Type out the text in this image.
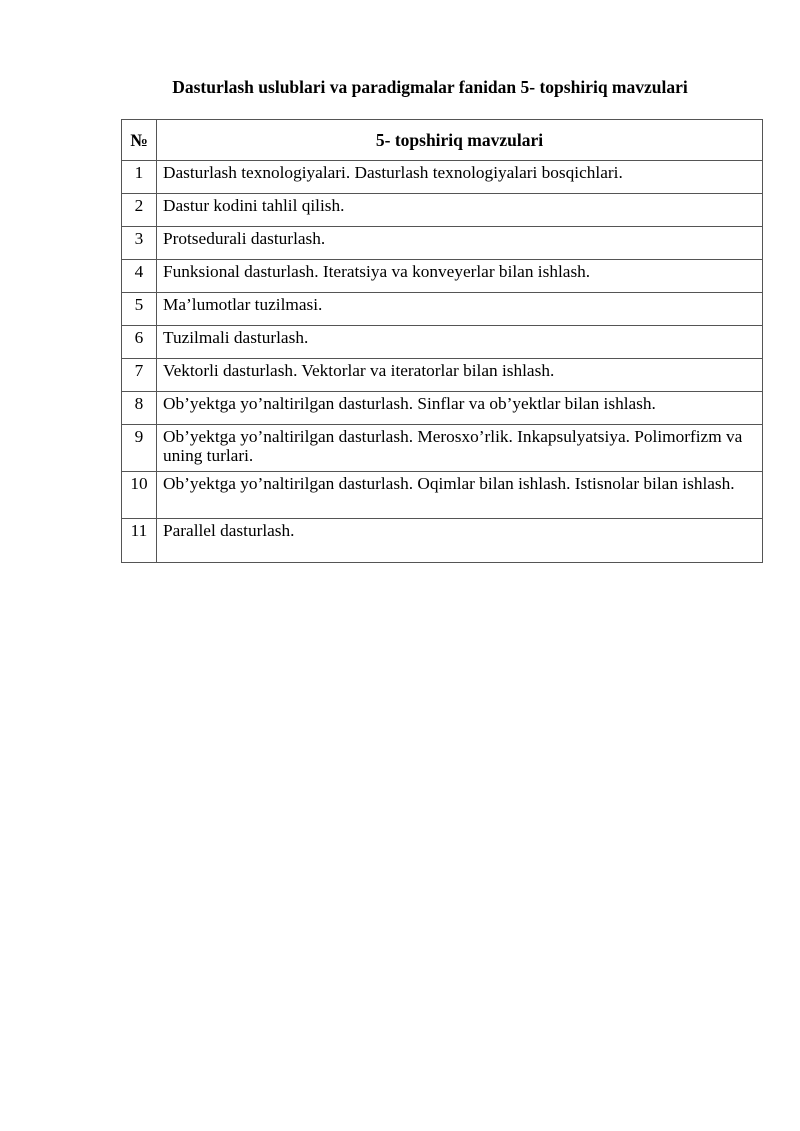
Dasturlash uslublari va paradigmalar fanidan 5- topshiriq mavzulari
№	5- topshiriq mavzulari
1	Dasturlash texnologiyalari. Dasturlash texnologiyalari bosqichlari.
2	Dastur kodini tahlil qilish.
3	Protsedurali dasturlash.
4	Funksional dasturlash. Iteratsiya va konveyerlar bilan ishlash.
5	Ma’lumotlar tuzilmasi.
6	Tuzilmali dasturlash.
7	Vektorli dasturlash. Vektorlar va iteratorlar bilan ishlash.
8	Ob’yektga yo’naltirilgan dasturlash. Sinflar va ob’yektlar bilan ishlash.
9	Ob’yektga yo’naltirilgan dasturlash. Merosxo’rlik. Inkapsulyatsiya. Polimorfizm va uning turlari.
10	Ob’yektga yo’naltirilgan dasturlash. Oqimlar bilan ishlash. Istisnolar bilan ishlash.
11	Parallel dasturlash.
